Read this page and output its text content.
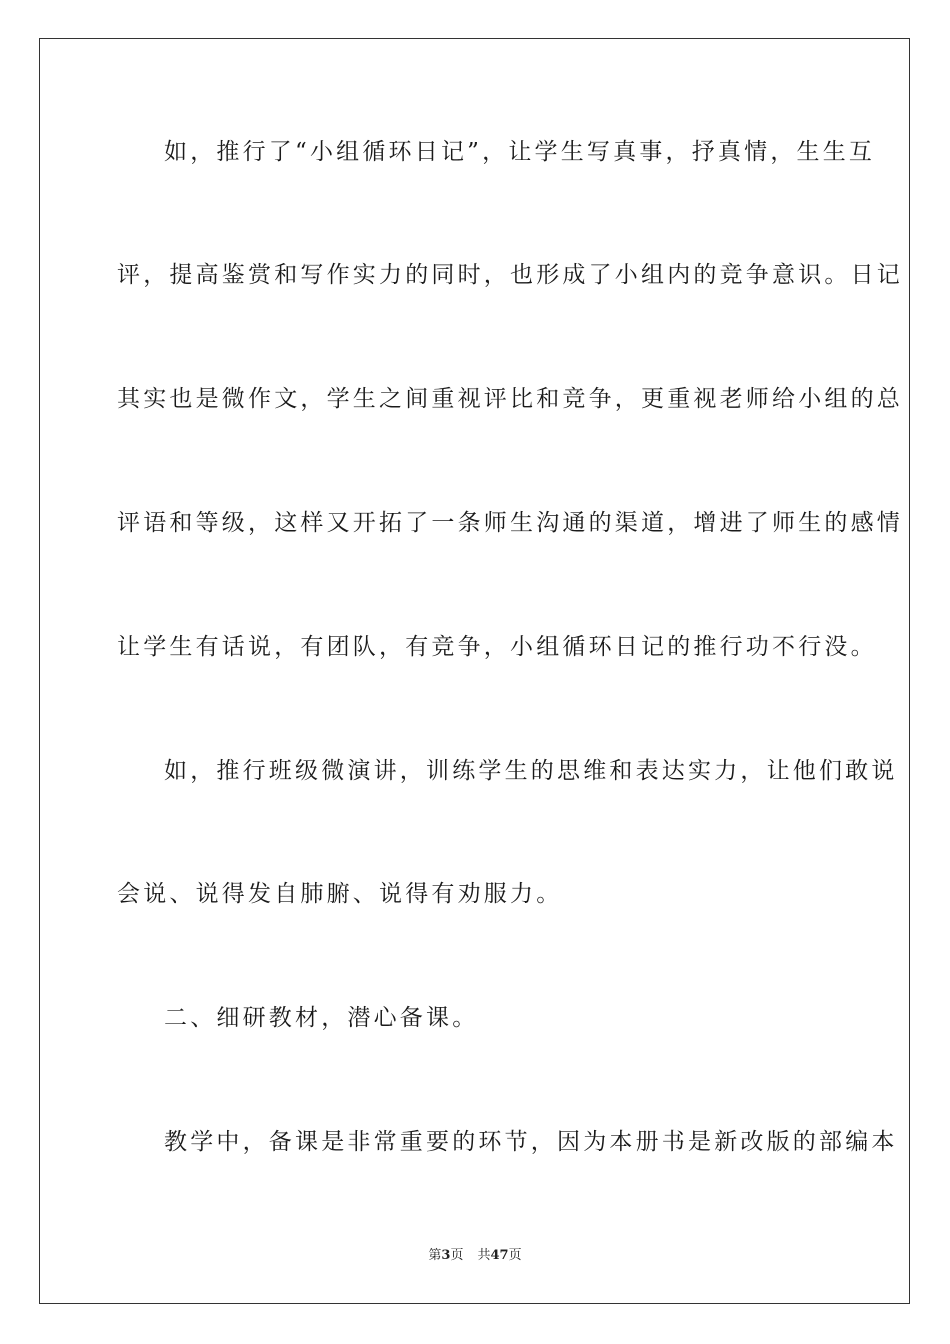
如，推行了“小组循环日记”，让学生写真事，抒真情，生生互
评，提高鉴赏和写作实力的同时，也形成了小组内的竞争意识。日记
其实也是微作文，学生之间重视评比和竞争，更重视老师给小组的总
评语和等级，这样又开拓了一条师生沟通的渠道，增进了师生的感情
让学生有话说，有团队，有竞争，小组循环日记的推行功不行没。
如，推行班级微演讲，训练学生的思维和表达实力，让他们敢说
会说、说得发自肺腑、说得有劝服力。
二、细研教材，潜心备课。
教学中，备课是非常重要的环节，因为本册书是新改版的部编本
第3页 共47页
